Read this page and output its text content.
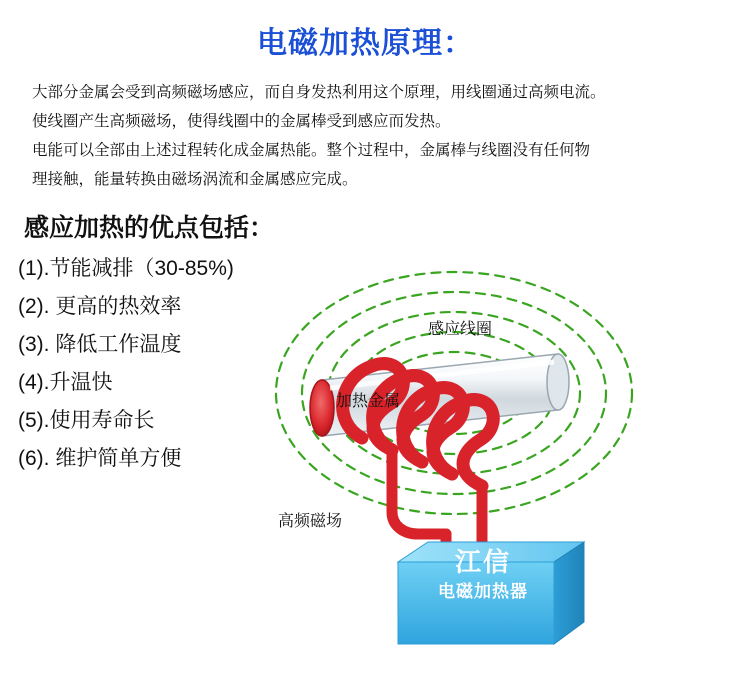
电磁加热原理：

大部分金属会受到高频磁场感应，而自身发热利用这个原理，用线圈通过高频电流。

使线圈产生高频磁场，使得线圈中的金属棒受到感应而发热。

电能可以全部由上述过程转化成金属热能。整个过程中，金属棒与线圈没有任何物

理接触，能量转换由磁场涡流和金属感应完成。

感应加热的优点包括：
(1).节能减排（30-85%)
(2). 更高的热效率
(3). 降低工作温度
(4).升温快
(5).使用寿命长
(6). 维护简单方便
感应线圈
加热金属
高频磁场
江信
电磁加热器
